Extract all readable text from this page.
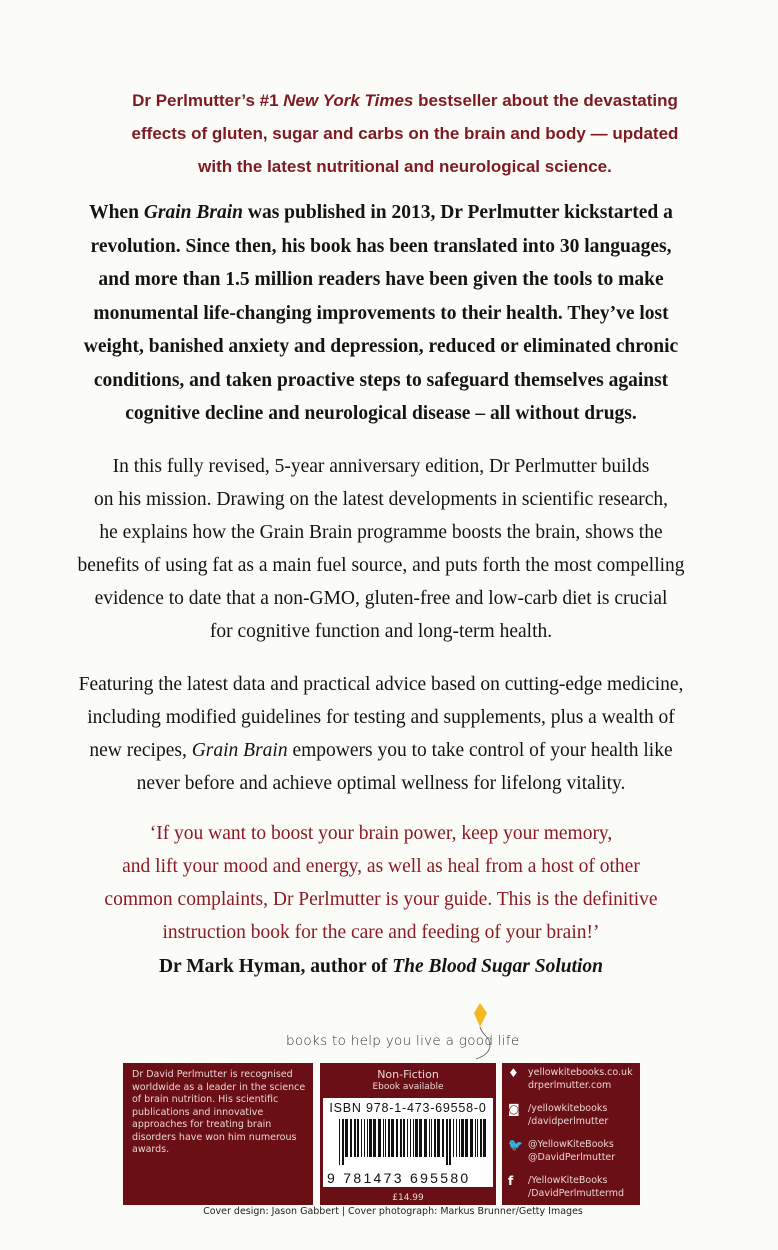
Dr Perlmutter’s #1 New York Times bestseller about the devastating
effects of gluten, sugar and carbs on the brain and body — updated
with the latest nutritional and neurological science.
When Grain Brain was published in 2013, Dr Perlmutter kickstarted a
revolution. Since then, his book has been translated into 30 languages,
and more than 1.5 million readers have been given the tools to make
monumental life-changing improvements to their health. They’ve lost
weight, banished anxiety and depression, reduced or eliminated chronic
conditions, and taken proactive steps to safeguard themselves against
cognitive decline and neurological disease – all without drugs.
In this fully revised, 5-year anniversary edition, Dr Perlmutter builds
on his mission. Drawing on the latest developments in scientific research,
he explains how the Grain Brain programme boosts the brain, shows the
benefits of using fat as a main fuel source, and puts forth the most compelling
evidence to date that a non-GMO, gluten-free and low-carb diet is crucial
for cognitive function and long-term health.
Featuring the latest data and practical advice based on cutting-edge medicine,
including modified guidelines for testing and supplements, plus a wealth of
new recipes, Grain Brain empowers you to take control of your health like
never before and achieve optimal wellness for lifelong vitality.
‘If you want to boost your brain power, keep your memory,
and lift your mood and energy, as well as heal from a host of other
common complaints, Dr Perlmutter is your guide. This is the definitive
instruction book for the care and feeding of your brain!’
Dr Mark Hyman, author of The Blood Sugar Solution
books to help you live a good life
Dr David Perlmutter is recognised worldwide as a leader in the science of brain nutrition. His scientific publications and innovative approaches for treating brain disorders have won him numerous awards.
Non-Fiction
Ebook available
ISBN 978-1-473-69558-0
9 781473 695580
£14.99
♦ yellowkitebooks.co.uk
drperlmutter.com
◙ /yellowkitebooks
/davidperlmutter
🐦 @YellowKiteBooks
@DavidPerlmutter
f	/YellowKiteBooks
/DavidPerlmuttermd
Cover design: Jason Gabbert | Cover photograph: Markus Brunner/Getty Images
